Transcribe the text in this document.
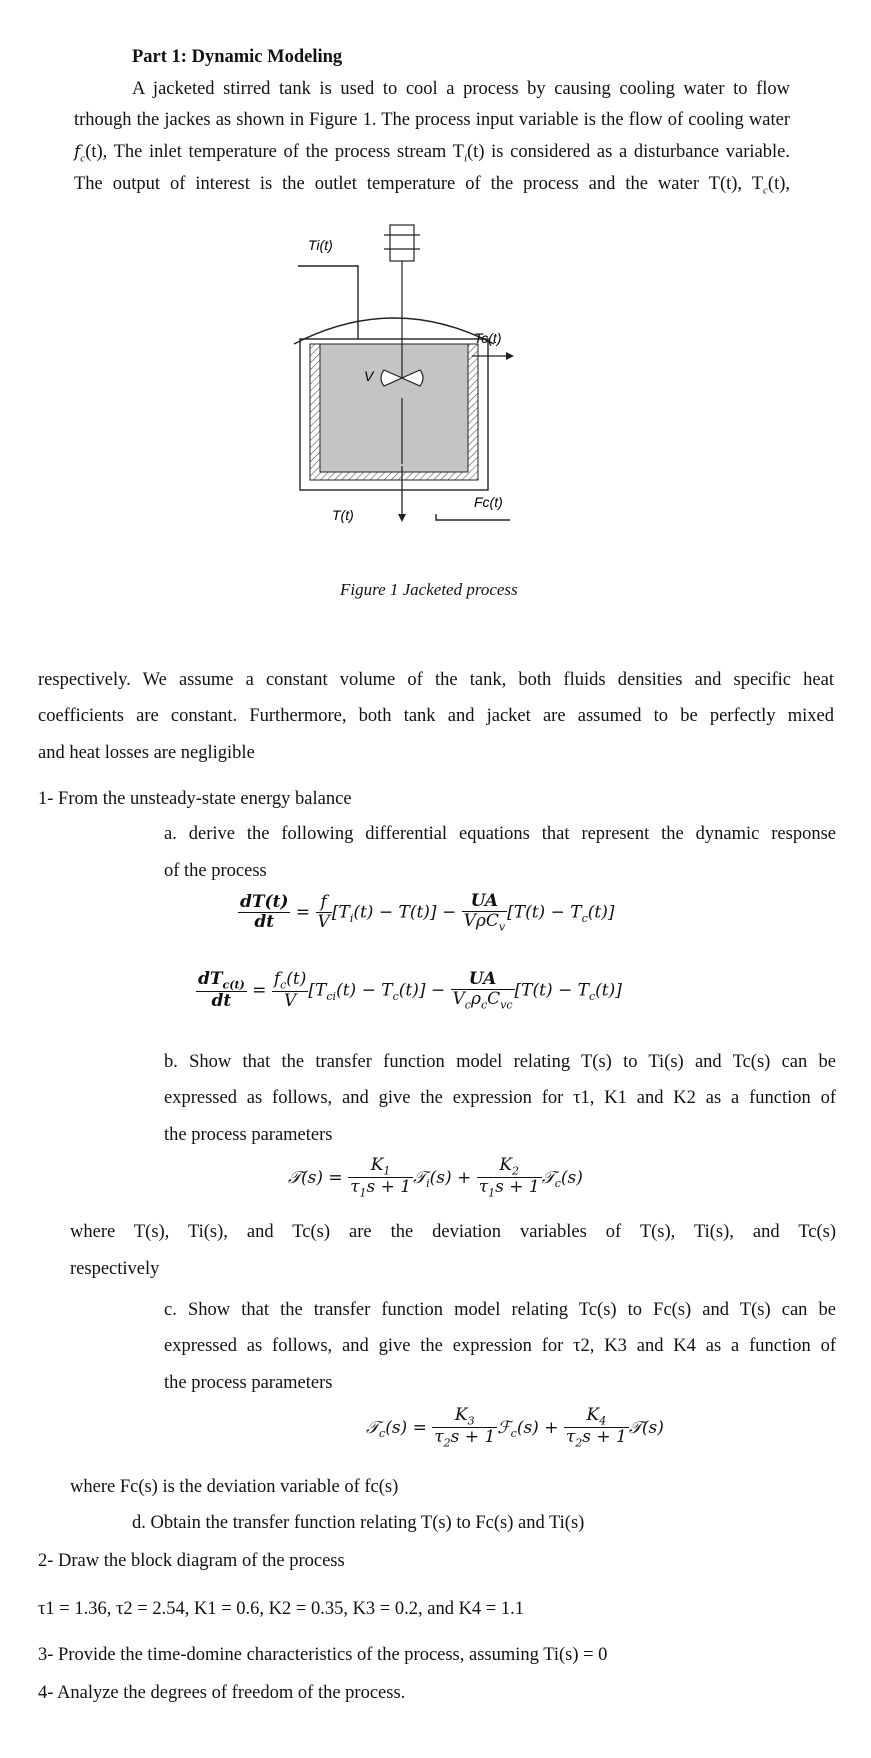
Part 1: Dynamic Modeling
A jacketed stirred tank is used to cool a process by causing cooling water to flow
trhough the jackes as shown in Figure 1. The process input variable is the flow of cooling water
$f_c(t)$, The inlet temperature of the process stream $T_i(t)$ is considered as a disturbance variable.
The output of interest is the outlet temperature of the process and the water T(t), $T_c(t)$,
V
Ti(t)
Tc(t)
T(t)
Fc(t)
Figure 1 Jacketed process
respectively. We assume a constant volume of the tank, both fluids densities and specific heat
coefficients are constant. Furthermore, both tank and jacket are assumed to be perfectly mixed
and heat losses are negligible
1- From the unsteady-state energy balance
a. derive the following differential equations that represent the dynamic response
of the process
$\frac{dT(t)}{dt} = \frac{f}{V} [T_i(t) - T(t)] - \frac{UA}{V\rho C_v} [T(t) - T_c(t)]$
$\frac{dT_{c(t)}}{dt} = \frac{f_c(t)}{V} [T_{ci}(t) - T_c(t)] - \frac{UA}{V_c\rho_cC_{vc}} [T(t) - T_c(t)]$
b. Show that the transfer function model relating T(s) to Ti(s) and Tc(s) can be
expressed as follows, and give the expression for τ1, K1 and K2 as a function of
the process parameters
𝒯(s) = $\frac{K_1}{\tau_1s + 1}$ 𝒯$_i$(s) + $\frac{K_2}{\tau_1s + 1}$ 𝒯$_c$(s)
where T(s), Ti(s), and Tc(s) are the deviation variables of T(s), Ti(s), and Tc(s)
respectively
c. Show that the transfer function model relating Tc(s) to Fc(s) and T(s) can be
expressed as follows, and give the expression for τ2, K3 and K4 as a function of
the process parameters
𝒯$_c$(s) = $\frac{K_3}{\tau_2s + 1}$ ℱ$_c$(s) + $\frac{K_4}{\tau_2s + 1}$ 𝒯(s)
where Fc(s) is the deviation variable of fc(s)
d. Obtain the transfer function relating T(s) to Fc(s) and Ti(s)
2- Draw the block diagram of the process
τ1 = 1.36, τ2 = 2.54, K1 = 0.6, K2 = 0.35, K3 = 0.2, and K4 = 1.1
3- Provide the time-domine characteristics of the process, assuming Ti(s) = 0
4- Analyze the degrees of freedom of the process.
